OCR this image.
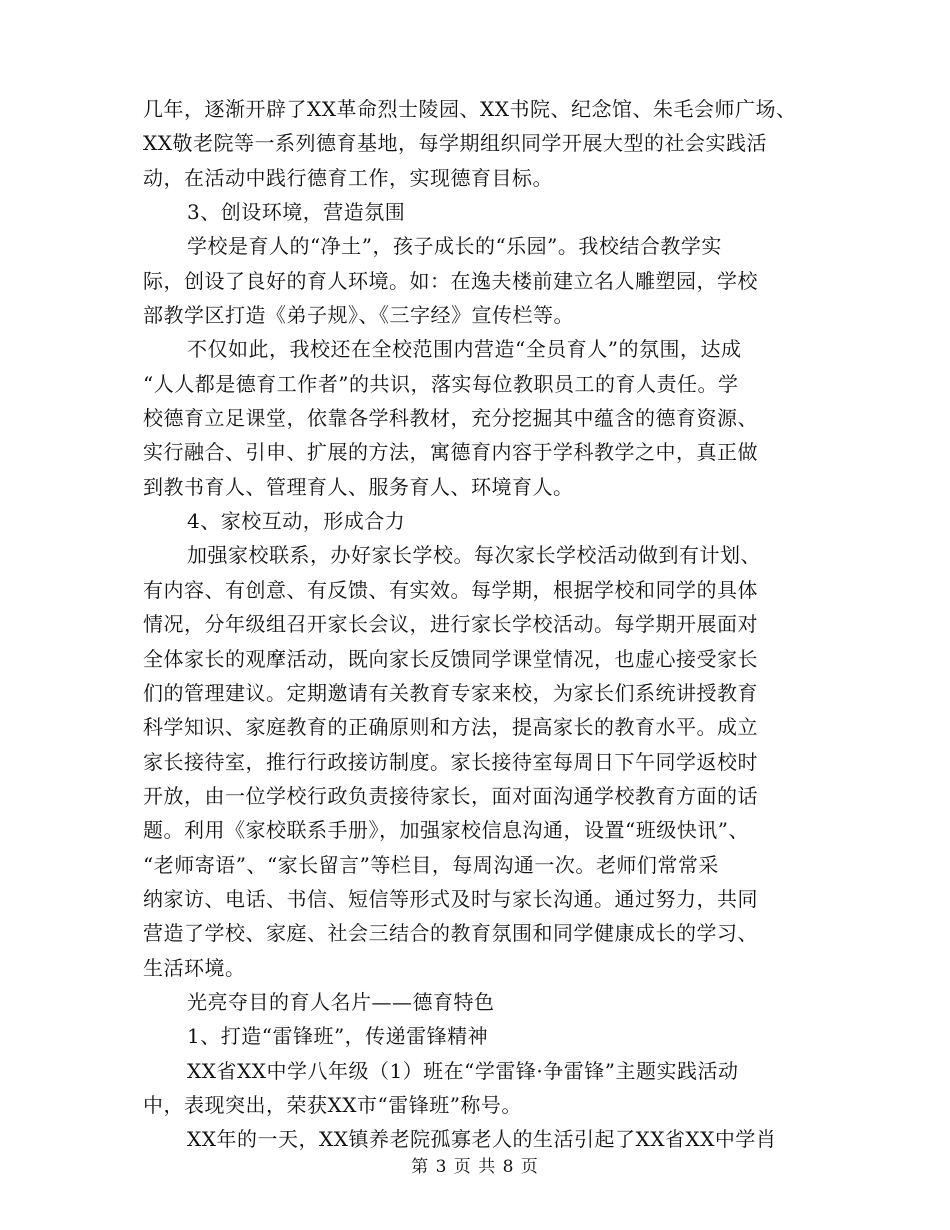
几年，逐渐开辟了XX革命烈士陵园、XX书院、纪念馆、朱毛会师广场、
XX敬老院等一系列德育基地，每学期组织同学开展大型的社会实践活
动，在活动中践行德育工作，实现德育目标。
3、创设环境，营造氛围
学校是育人的“净土”，孩子成长的“乐园”。我校结合教学实
际，创设了良好的育人环境。如：在逸夫楼前建立名人雕塑园，学校
部教学区打造《弟子规》、《三字经》宣传栏等。
不仅如此，我校还在全校范围内营造“全员育人”的氛围，达成
“人人都是德育工作者”的共识，落实每位教职员工的育人责任。学
校德育立足课堂，依靠各学科教材，充分挖掘其中蕴含的德育资源、
实行融合、引申、扩展的方法，寓德育内容于学科教学之中，真正做
到教书育人、管理育人、服务育人、环境育人。
4、家校互动，形成合力
加强家校联系，办好家长学校。每次家长学校活动做到有计划、
有内容、有创意、有反馈、有实效。每学期，根据学校和同学的具体
情况，分年级组召开家长会议，进行家长学校活动。每学期开展面对
全体家长的观摩活动，既向家长反馈同学课堂情况，也虚心接受家长
们的管理建议。定期邀请有关教育专家来校，为家长们系统讲授教育
科学知识、家庭教育的正确原则和方法，提高家长的教育水平。成立
家长接待室，推行行政接访制度。家长接待室每周日下午同学返校时
开放，由一位学校行政负责接待家长，面对面沟通学校教育方面的话
题。利用《家校联系手册》，加强家校信息沟通，设置“班级快讯”、
“老师寄语”、“家长留言”等栏目，每周沟通一次。老师们常常采
纳家访、电话、书信、短信等形式及时与家长沟通。通过努力，共同
营造了学校、家庭、社会三结合的教育氛围和同学健康成长的学习、
生活环境。
光亮夺目的育人名片——德育特色
1、打造“雷锋班”，传递雷锋精神
XX省XX中学八年级（1）班在“学雷锋·争雷锋”主题实践活动
中，表现突出，荣获XX市“雷锋班”称号。
XX年的一天，XX镇养老院孤寡老人的生活引起了XX省XX中学肖
第 3 页 共 8 页
